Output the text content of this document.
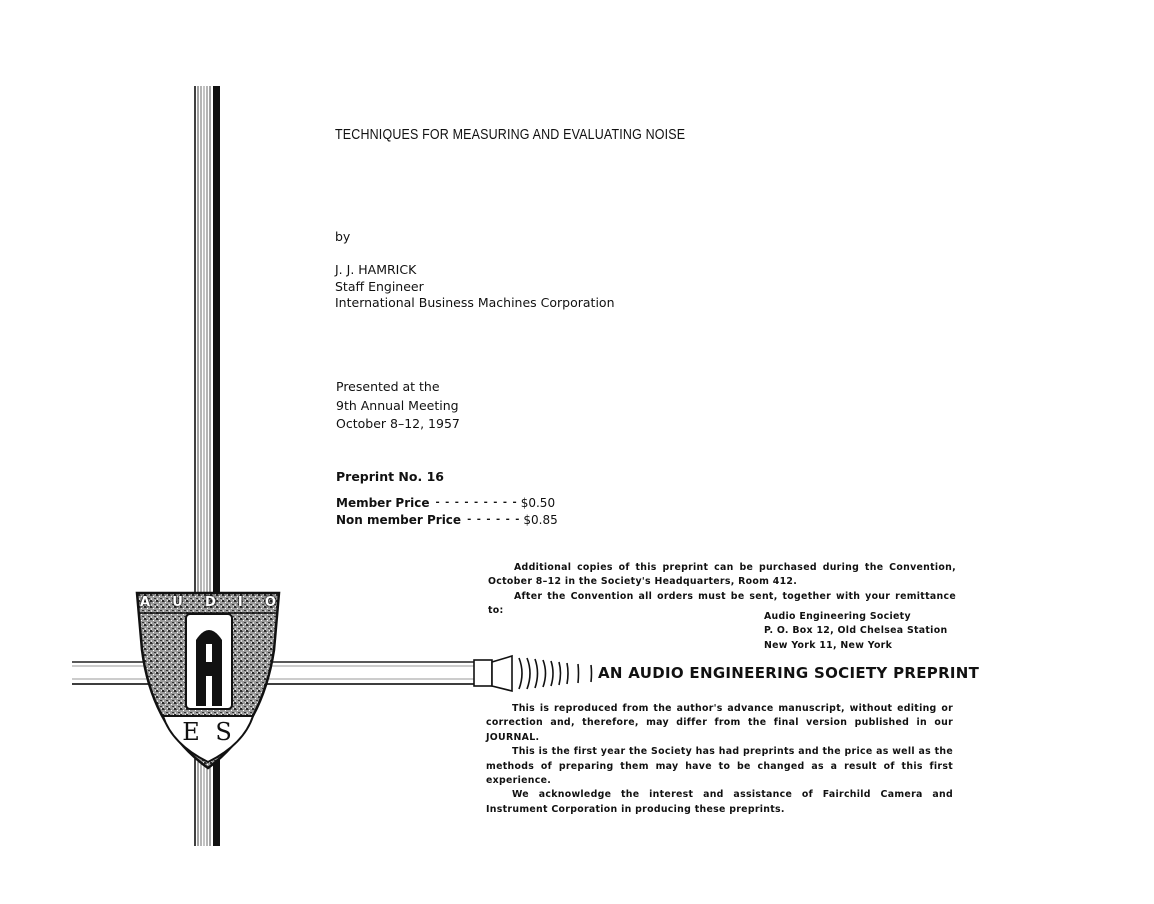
A U D I O
E S
TECHNIQUES FOR MEASURING AND EVALUATING NOISE
by
J. J. HAMRICK
Staff Engineer
International Business Machines Corporation
Presented at the
9th Annual Meeting
October 8–12, 1957
Preprint No. 16
Member Price - - - - - - - - - $0.50
Non member Price - - - - - - $0.85

Additional copies of this preprint can be purchased during the Convention, October 8–12 in the Society's Headquarters, Room 412.

After the Convention all orders must be sent, together with your remittance to:

Audio Engineering Society
P. O. Box 12, Old Chelsea Station
New York 11, New York
AN AUDIO ENGINEERING SOCIETY PREPRINT

This is reproduced from the author's advance manuscript, without editing or correction and, therefore, may differ from the final version published in our JOURNAL.

This is the first year the Society has had preprints and the price as well as the methods of preparing them may have to be changed as a result of this first experience.

We acknowledge the interest and assistance of Fairchild Camera and Instrument Corporation in producing these preprints.
